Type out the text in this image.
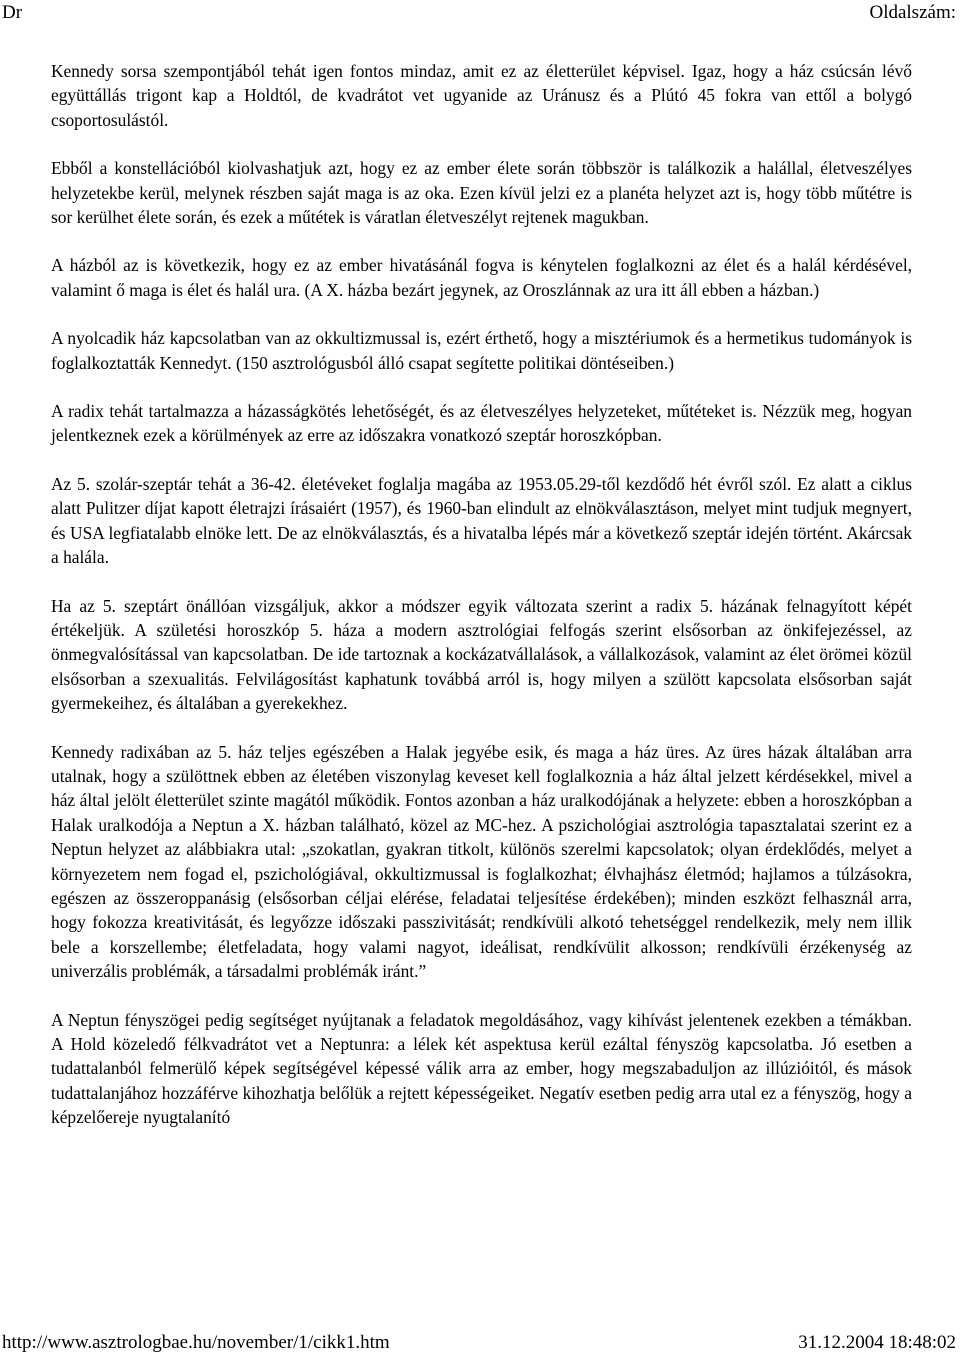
Dr	Oldalszám:

Kennedy sorsa szempontjából tehát igen fontos mindaz, amit ez az életterület képvisel. Igaz, hogy a ház csúcsán lévő együttállás trigont kap a Holdtól, de kvadrátot vet ugyanide az Uránusz és a Plútó 45 fokra van ettől a bolygó csoportosulástól.

Ebből a konstellációból kiolvashatjuk azt, hogy ez az ember élete során többször is találkozik a halállal, életveszélyes helyzetekbe kerül, melynek részben saját maga is az oka. Ezen kívül jelzi ez a planéta helyzet azt is, hogy több műtétre is sor kerülhet élete során, és ezek a műtétek is váratlan életveszélyt rejtenek magukban.

A házból az is következik, hogy ez az ember hivatásánál fogva is kénytelen foglalkozni az élet és a halál kérdésével, valamint ő maga is élet és halál ura. (A X. házba bezárt jegynek, az Oroszlánnak az ura itt áll ebben a házban.)

A nyolcadik ház kapcsolatban van az okkultizmussal is, ezért érthető, hogy a misztériumok és a hermetikus tudományok is foglalkoztatták Kennedyt. (150 asztrológusból álló csapat segítette politikai döntéseiben.)

A radix tehát tartalmazza a házasságkötés lehetőségét, és az életveszélyes helyzeteket, műtéteket is. Nézzük meg, hogyan jelentkeznek ezek a körülmények az erre az időszakra vonatkozó szeptár horoszkópban.

Az 5. szolár-szeptár tehát a 36-42. életéveket foglalja magába az 1953.05.29-től kezdődő hét évről szól. Ez alatt a ciklus alatt Pulitzer díjat kapott életrajzi írásaiért (1957), és 1960-ban elindult az elnökválasztáson, melyet mint tudjuk megnyert, és USA legfiatalabb elnöke lett. De az elnökválasztás, és a hivatalba lépés már a következő szeptár idején történt. Akárcsak a halála.

Ha az 5. szeptárt önállóan vizsgáljuk, akkor a módszer egyik változata szerint a radix 5. házának felnagyított képét értékeljük. A születési horoszkóp 5. háza a modern asztrológiai felfogás szerint elsősorban az önkifejezéssel, az önmegvalósítással van kapcsolatban. De ide tartoznak a kockázatvállalások, a vállalkozások, valamint az élet örömei közül elsősorban a szexualitás. Felvilágosítást kaphatunk továbbá arról is, hogy milyen a szülött kapcsolata elsősorban saját gyermekeihez, és általában a gyerekekhez.

Kennedy radixában az 5. ház teljes egészében a Halak jegyébe esik, és maga a ház üres. Az üres házak általában arra utalnak, hogy a szülöttnek ebben az életében viszonylag keveset kell foglalkoznia a ház által jelzett kérdésekkel, mivel a ház által jelölt életterület szinte magától működik. Fontos azonban a ház uralkodójának a helyzete: ebben a horoszkópban a Halak uralkodója a Neptun a X. házban található, közel az MC-hez. A pszichológiai asztrológia tapasztalatai szerint ez a Neptun helyzet az alábbiakra utal: „szokatlan, gyakran titkolt, különös szerelmi kapcsolatok; olyan érdeklődés, melyet a környezetem nem fogad el, pszichológiával, okkultizmussal is foglalkozhat; élvhajhász életmód; hajlamos a túlzásokra, egészen az összeroppanásig (elsősorban céljai elérése, feladatai teljesítése érdekében); minden eszközt felhasznál arra, hogy fokozza kreativitását, és legyőzze időszaki passzivitását; rendkívüli alkotó tehetséggel rendelkezik, mely nem illik bele a korszellembe; életfeladata, hogy valami nagyot, ideálisat, rendkívülit alkosson; rendkívüli érzékenység az univerzális problémák, a társadalmi problémák iránt.”

A Neptun fényszögei pedig segítséget nyújtanak a feladatok megoldásához, vagy kihívást jelentenek ezekben a témákban. A Hold közeledő félkvadrátot vet a Neptunra: a lélek két aspektusa kerül ezáltal fényszög kapcsolatba. Jó esetben a tudattalanból felmerülő képek segítségével képessé válik arra az ember, hogy megszabaduljon az illúzióitól, és mások tudattalanjához hozzáférve kihozhatja belőlük a rejtett képességeiket. Negatív esetben pedig arra utal ez a fényszög, hogy a képzelőereje nyugtalanító

http://www.asztrologbae.hu/november/1/cikk1.htm	31.12.2004 18:48:02
